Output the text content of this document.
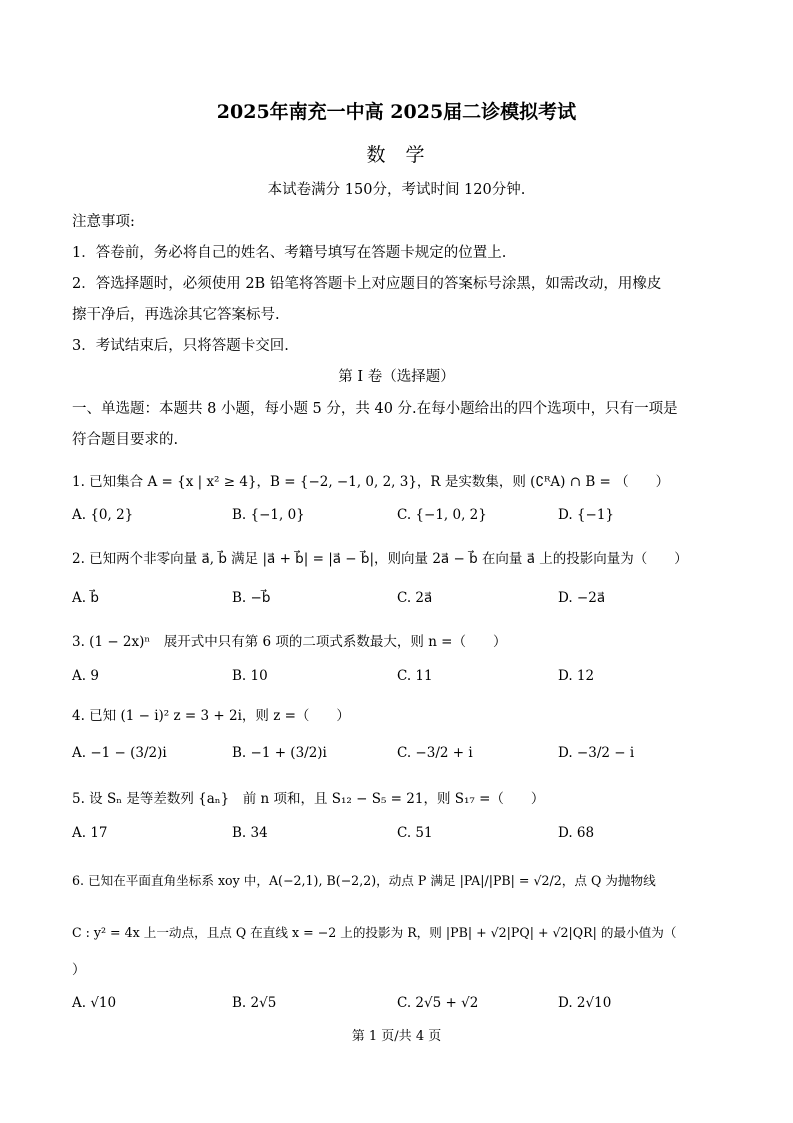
2025年南充一中高 2025届二诊模拟考试
数学
本试卷满分 150分，考试时间 120分钟.
注意事项:
1．答卷前，务必将自己的姓名、考籍号填写在答题卡规定的位置上.
2．答选择题时，必须使用 2B 铅笔将答题卡上对应题目的答案标号涂黑，如需改动，用橡皮
擦干净后，再选涂其它答案标号.
3．考试结束后，只将答题卡交回.
第 I 卷（选择题）
一、单选题：本题共 8 小题，每小题 5 分，共 40 分.在每小题给出的四个选项中，只有一项是
符合题目要求的.
1. 已知集合 A = {x | x² ≥ 4}，B = {−2, −1, 0, 2, 3}，R 是实数集，则 (∁ᴿA) ∩ B = （　　）
A. {0, 2}	B. {−1, 0}	C. {−1, 0, 2}	D. {−1}
2. 已知两个非零向量 a⃗, b⃗ 满足 |a⃗ + b⃗| = |a⃗ − b⃗|，则向量 2a⃗ − b⃗ 在向量 a⃗ 上的投影向量为（　　）
A. b⃗	B. −b⃗	C. 2a⃗	D. −2a⃗
3. (1 − 2x)ⁿ　展开式中只有第 6 项的二项式系数最大，则 n =（　　）
A. 9	B. 10	C. 11	D. 12
4. 已知 (1 − i)² z = 3 + 2i，则 z =（　　）
A. −1 − (3/2)i	B. −1 + (3/2)i	C. −3/2 + i	D. −3/2 − i
5. 设 Sₙ 是等差数列 {aₙ}　前 n 项和，且 S₁₂ − S₅ = 21，则 S₁₇ =（　　）
A. 17	B. 34	C. 51	D. 68
6. 已知在平面直角坐标系 xoy 中，A(−2,1), B(−2,2)，动点 P 满足 |PA|/|PB| = √2/2，点 Q 为抛物线
C : y² = 4x 上一动点，且点 Q 在直线 x = −2 上的投影为 R，则 |PB| + √2|PQ| + √2|QR| 的最小值为（
）
A. √10	B. 2√5	C. 2√5 + √2	D. 2√10
第 1 页/共 4 页
